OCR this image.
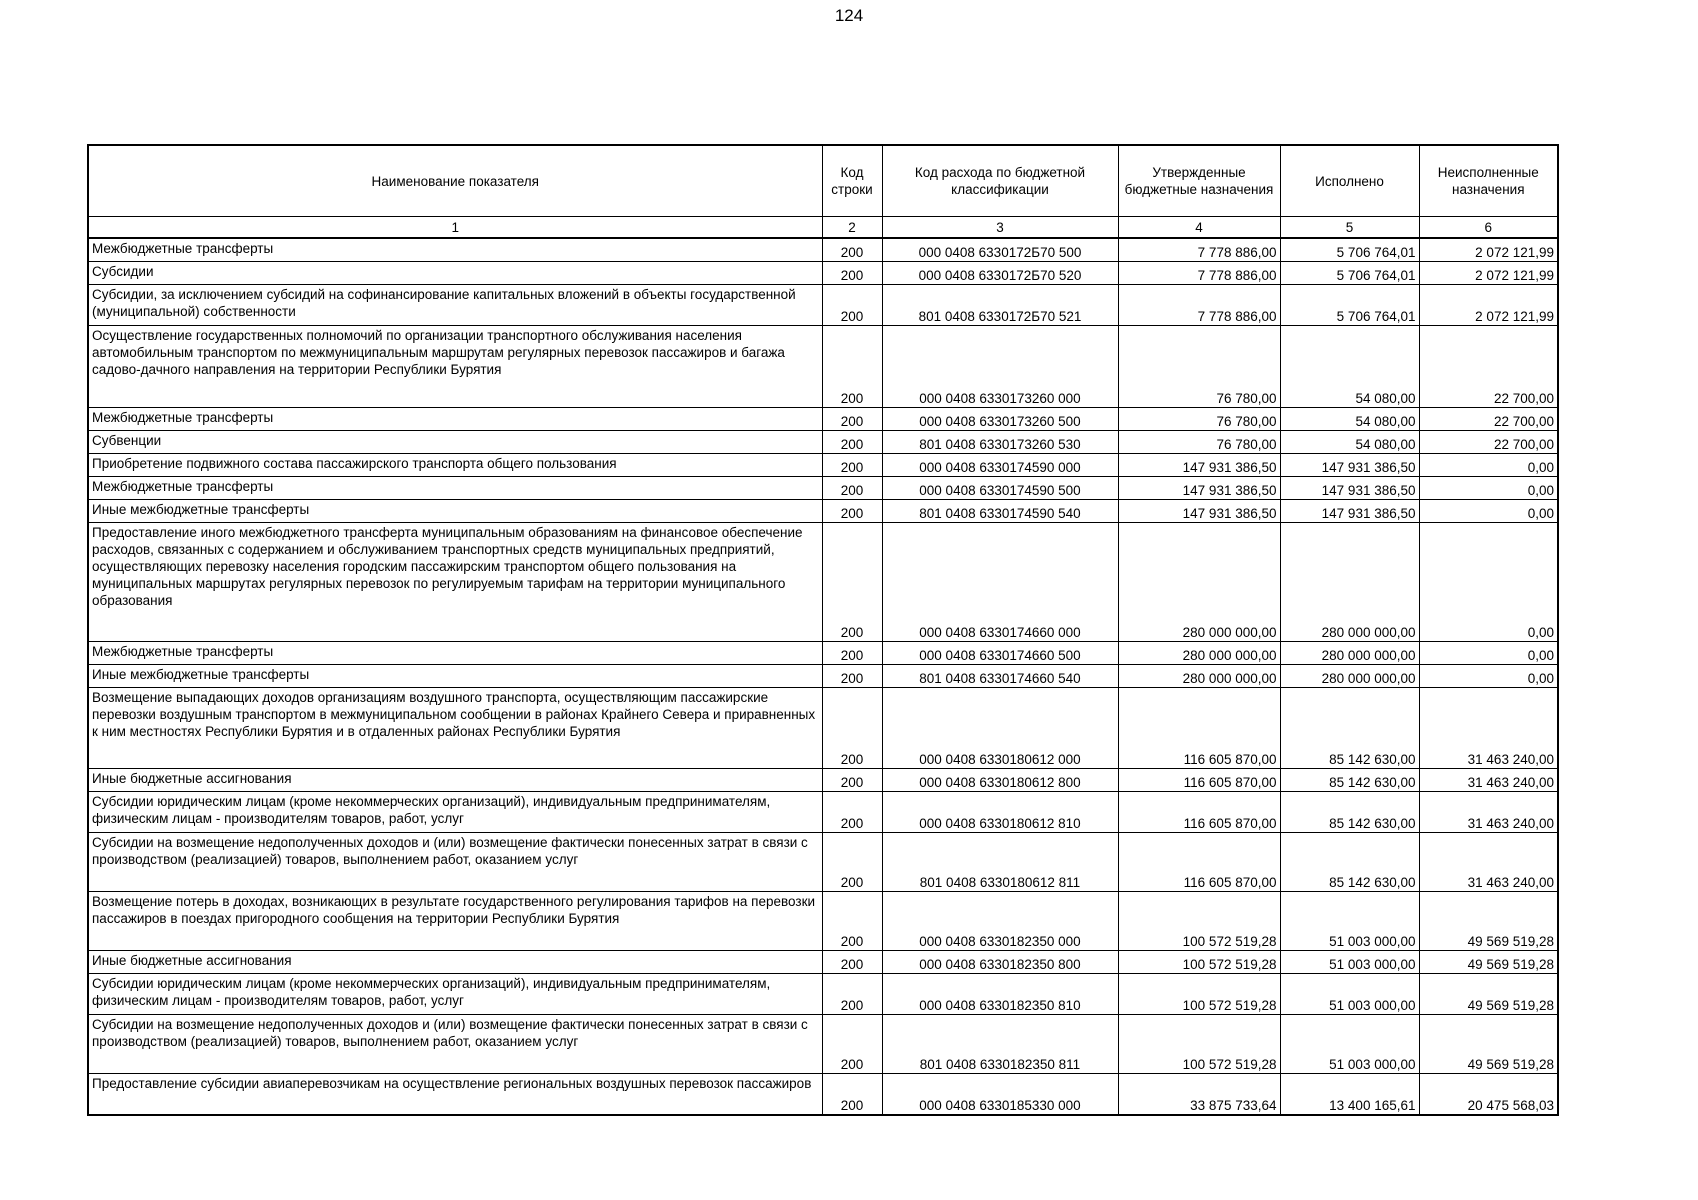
124
Наименование показателя	Код строки	Код расхода по бюджетной классификации	Утвержденные бюджетные назначения	Исполнено	Неисполненные назначения
1	2	3	4	5	6
Межбюджетные трансферты	200	000 0408 6330172Б70 500	7 778 886,00	5 706 764,01	2 072 121,99
Субсидии	200	000 0408 6330172Б70 520	7 778 886,00	5 706 764,01	2 072 121,99
Субсидии, за исключением субсидий на софинансирование капитальных вложений в объекты государственной (муниципальной) собственности	200	801 0408 6330172Б70 521	7 778 886,00	5 706 764,01	2 072 121,99
Осуществление государственных полномочий по организации транспортного обслуживания населения автомобильным транспортом по межмуниципальным маршрутам регулярных перевозок пассажиров и багажа садово-дачного направления на территории Республики Бурятия	200	000 0408 6330173260 000	76 780,00	54 080,00	22 700,00
Межбюджетные трансферты	200	000 0408 6330173260 500	76 780,00	54 080,00	22 700,00
Субвенции	200	801 0408 6330173260 530	76 780,00	54 080,00	22 700,00
Приобретение подвижного состава пассажирского транспорта общего пользования	200	000 0408 6330174590 000	147 931 386,50	147 931 386,50	0,00
Межбюджетные трансферты	200	000 0408 6330174590 500	147 931 386,50	147 931 386,50	0,00
Иные межбюджетные трансферты	200	801 0408 6330174590 540	147 931 386,50	147 931 386,50	0,00
Предоставление иного межбюджетного трансферта муниципальным образованиям на финансовое обеспечение расходов, связанных с содержанием и обслуживанием транспортных средств муниципальных предприятий, осуществляющих перевозку населения городским пассажирским транспортом общего пользования на муниципальных маршрутах регулярных перевозок по регулируемым тарифам на территории муниципального образования	200	000 0408 6330174660 000	280 000 000,00	280 000 000,00	0,00
Межбюджетные трансферты	200	000 0408 6330174660 500	280 000 000,00	280 000 000,00	0,00
Иные межбюджетные трансферты	200	801 0408 6330174660 540	280 000 000,00	280 000 000,00	0,00
Возмещение выпадающих доходов организациям воздушного транспорта, осуществляющим пассажирские перевозки воздушным транспортом в межмуниципальном сообщении в районах Крайнего Севера и приравненных к ним местностях Республики Бурятия и в отдаленных районах Республики Бурятия	200	000 0408 6330180612 000	116 605 870,00	85 142 630,00	31 463 240,00
Иные бюджетные ассигнования	200	000 0408 6330180612 800	116 605 870,00	85 142 630,00	31 463 240,00
Субсидии юридическим лицам (кроме некоммерческих организаций), индивидуальным предпринимателям, физическим лицам - производителям товаров, работ, услуг	200	000 0408 6330180612 810	116 605 870,00	85 142 630,00	31 463 240,00
Субсидии на возмещение недополученных доходов и (или) возмещение фактически понесенных затрат в связи с производством (реализацией) товаров, выполнением работ, оказанием услуг	200	801 0408 6330180612 811	116 605 870,00	85 142 630,00	31 463 240,00
Возмещение потерь в доходах, возникающих в результате государственного регулирования тарифов на перевозки пассажиров в поездах пригородного сообщения на территории Республики Бурятия	200	000 0408 6330182350 000	100 572 519,28	51 003 000,00	49 569 519,28
Иные бюджетные ассигнования	200	000 0408 6330182350 800	100 572 519,28	51 003 000,00	49 569 519,28
Субсидии юридическим лицам (кроме некоммерческих организаций), индивидуальным предпринимателям, физическим лицам - производителям товаров, работ, услуг	200	000 0408 6330182350 810	100 572 519,28	51 003 000,00	49 569 519,28
Субсидии на возмещение недополученных доходов и (или) возмещение фактически понесенных затрат в связи с производством (реализацией) товаров, выполнением работ, оказанием услуг	200	801 0408 6330182350 811	100 572 519,28	51 003 000,00	49 569 519,28
Предоставление субсидии авиаперевозчикам на осуществление региональных воздушных перевозок пассажиров	200	000 0408 6330185330 000	33 875 733,64	13 400 165,61	20 475 568,03
